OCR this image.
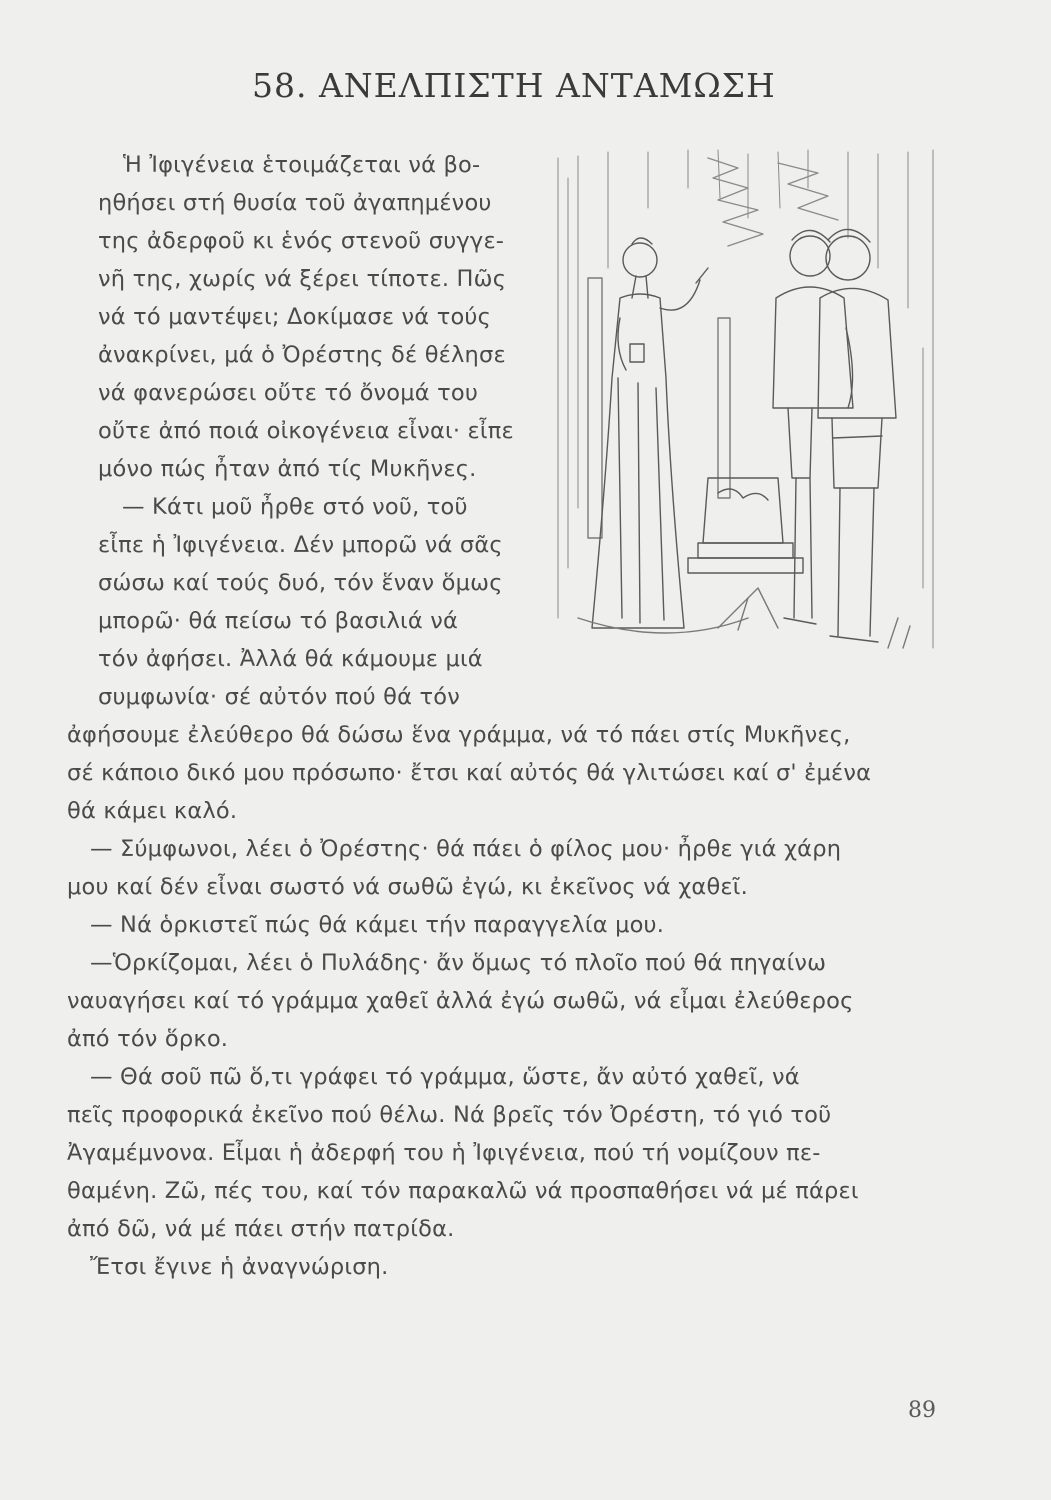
58. ΑΝΕΛΠΙΣΤΗ ΑΝΤΑΜΩΣΗ
Ἡ Ἰφιγένεια ἑτοιμάζεται νά βο-
ηθήσει στή θυσία τοῦ ἀγαπημένου
της ἀδερφοῦ κι ἑνός στενοῦ συγγε-
νῆ της, χωρίς νά ξέρει τίποτε. Πῶς
νά τό μαντέψει; Δοκίμασε νά τούς
ἀνακρίνει, μά ὁ Ὀρέστης δέ θέλησε
νά φανερώσει οὔτε τό ὄνομά του
οὔτε ἀπό ποιά οἰκογένεια εἶναι· εἶπε
μόνο πώς ἦταν ἀπό τίς Μυκῆνες.
— Κάτι μοῦ ἦρθε στό νοῦ, τοῦ
εἶπε ἡ Ἰφιγένεια. Δέν μπορῶ νά σᾶς
σώσω καί τούς δυό, τόν ἕναν ὅμως
μπορῶ· θά πείσω τό βασιλιά νά
τόν ἀφήσει. Ἀλλά θά κάμουμε μιά
συμφωνία· σέ αὐτόν πού θά τόν
ἀφήσουμε ἐλεύθερο θά δώσω ἕνα γράμμα, νά τό πάει στίς Μυκῆνες,
σέ κάποιο δικό μου πρόσωπο· ἔτσι καί αὐτός θά γλιτώσει καί σ' ἐμένα
θά κάμει καλό.
— Σύμφωνοι, λέει ὁ Ὀρέστης· θά πάει ὁ φίλος μου· ἦρθε γιά χάρη
μου καί δέν εἶναι σωστό νά σωθῶ ἐγώ, κι ἐκεῖνος νά χαθεῖ.
— Νά ὁρκιστεῖ πώς θά κάμει τήν παραγγελία μου.
—Ὁρκίζομαι, λέει ὁ Πυλάδης· ἄν ὅμως τό πλοῖο πού θά πηγαίνω
ναυαγήσει καί τό γράμμα χαθεῖ ἀλλά ἐγώ σωθῶ, νά εἶμαι ἐλεύθερος
ἀπό τόν ὅρκο.
— Θά σοῦ πῶ ὅ,τι γράφει τό γράμμα, ὥστε, ἄν αὐτό χαθεῖ, νά
πεῖς προφορικά ἐκεῖνο πού θέλω. Νά βρεῖς τόν Ὀρέστη, τό γιό τοῦ
Ἀγαμέμνονα. Εἶμαι ἡ ἀδερφή του ἡ Ἰφιγένεια, πού τή νομίζουν πε-
θαμένη. Ζῶ, πές του, καί τόν παρακαλῶ νά προσπαθήσει νά μέ πάρει
ἀπό δῶ, νά μέ πάει στήν πατρίδα.
Ἔτσι ἔγινε ἡ ἀναγνώριση.
89
